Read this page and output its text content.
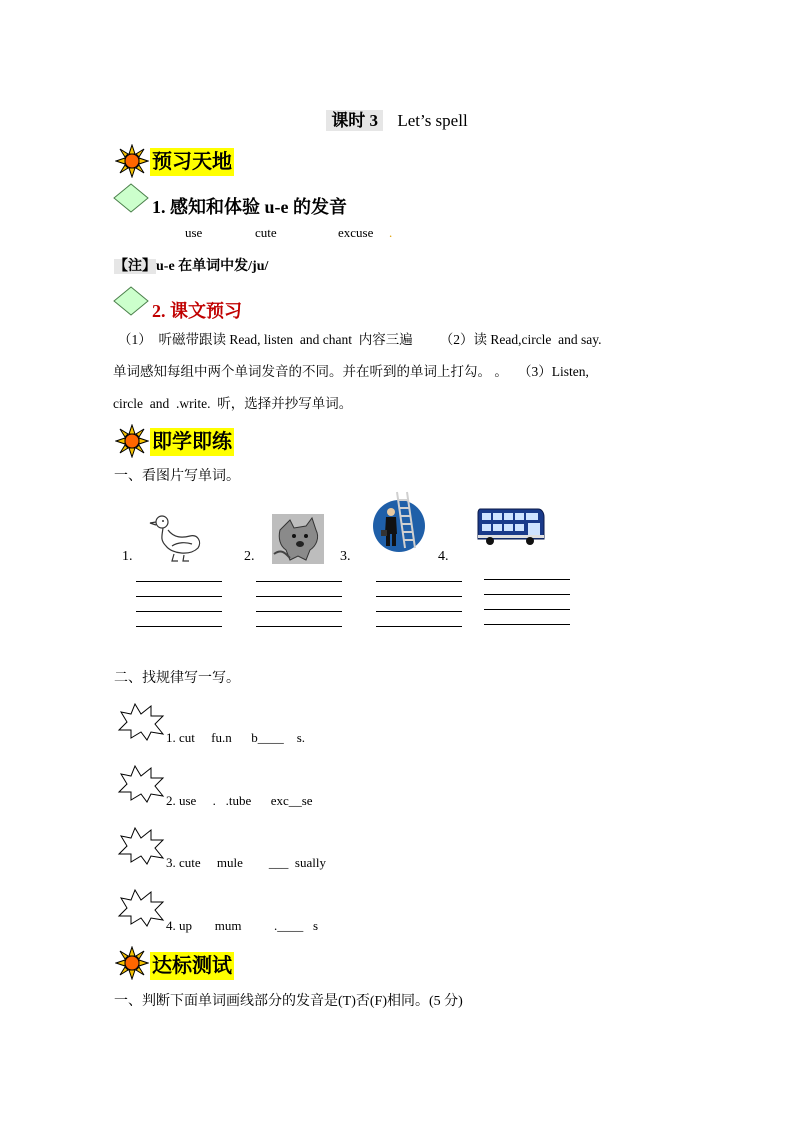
课时 3 Let’s spell
预习天地
1. 感知和体验 u-e 的发音
use	cute	excuse .
【注】u-e 在单词中发/ju/
2. 课文预习
（1）  听磁带跟读 Read, listen  and chant  内容三遍        （2）读 Read,circle  and say.
单词感知每组中两个单词发音的不同。并在听到的单词上打勾。 。   （3）Listen,
circle  and  .write.  听，选择并抄写单词。
即学即练
一、看图片写单词。
1.	2.	3.	4.
二、找规律写一写。
1. cut     fu.n      b____    s.
2. use     .   .tube      exc__se
3. cute     mule        ___  sually
4. up       mum          .____   s
达标测试
一、判断下面单词画线部分的发音是(T)否(F)相同。(5 分)
